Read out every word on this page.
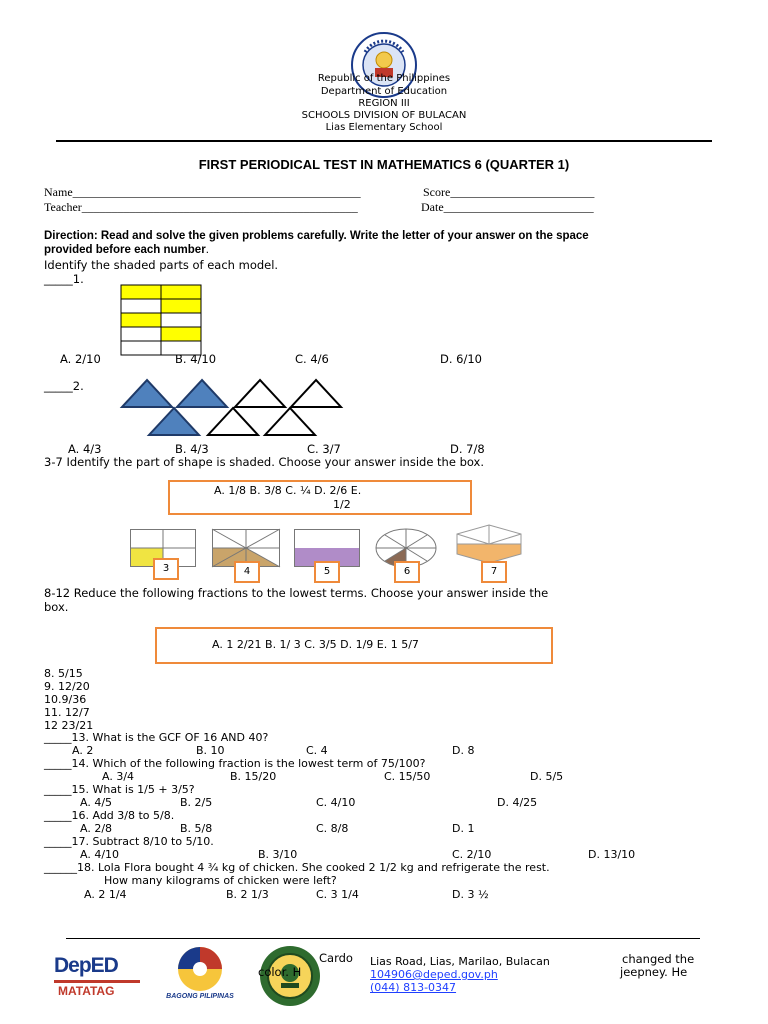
Republic of the Philippines
Department of Education
REGION III
SCHOOLS DIVISION OF BULACAN
Lias Elementary School
FIRST PERIODICAL TEST IN MATHEMATICS 6 (QUARTER 1)
Name________________________________________________	Score________________________
Teacher______________________________________________	Date_________________________
Direction: Read and solve the given problems carefully. Write the letter of your answer on the space
provided before each number.
Identify the shaded parts of each model.
_____1.
A. 2/10	B. 4/10	C. 4/6	D. 6/10
_____2.
A. 4/3	B. 4/3	C. 3/7	D. 7/8
3-7 Identify the part of shape is shaded. Choose your answer inside the box.
A. 1/8 B. 3/8 C. ¼ D. 2/6 E.
1/2
3	4	5	6	7
8-12 Reduce the following fractions to the lowest terms. Choose your answer inside the
box.
A. 1 2/21 B. 1/ 3 C. 3/5 D. 1/9 E. 1 5/7
8. 5/15
9. 12/20
10.9/36
11. 12/7
12 23/21
_____13. What is the GCF OF 16 AND 40?
A. 2	B. 10	C. 4	D. 8
_____14. Which of the following fraction is the lowest term of 75/100?
A. 3/4	B. 15/20	C. 15/50	D. 5/5
_____15. What is 1/5 + 3/5?
A. 4/5	B. 2/5	C. 4/10	D. 4/25
_____16. Add 3/8 to 5/8.
A. 2/8	B. 5/8	C. 8/8	D. 1
_____17. Subtract 8/10 to 5/10.
A. 4/10	B. 3/10	C. 2/10	D. 13/10
______18. Lola Flora bought 4 ¾ kg of chicken. She cooked 2 1/2 kg and refrigerate the rest.
How many kilograms of chicken were left?
A. 2 1/4	B. 2 1/3	C. 3 1/4	D. 3 ½
DepED
MATATAG	BAGONG PILIPINAS
Cardo
color. H
Lias Road, Lias, Marilao, Bulacan
104906@deped.gov.ph
(044) 813-0347
changed the
jeepney. He
